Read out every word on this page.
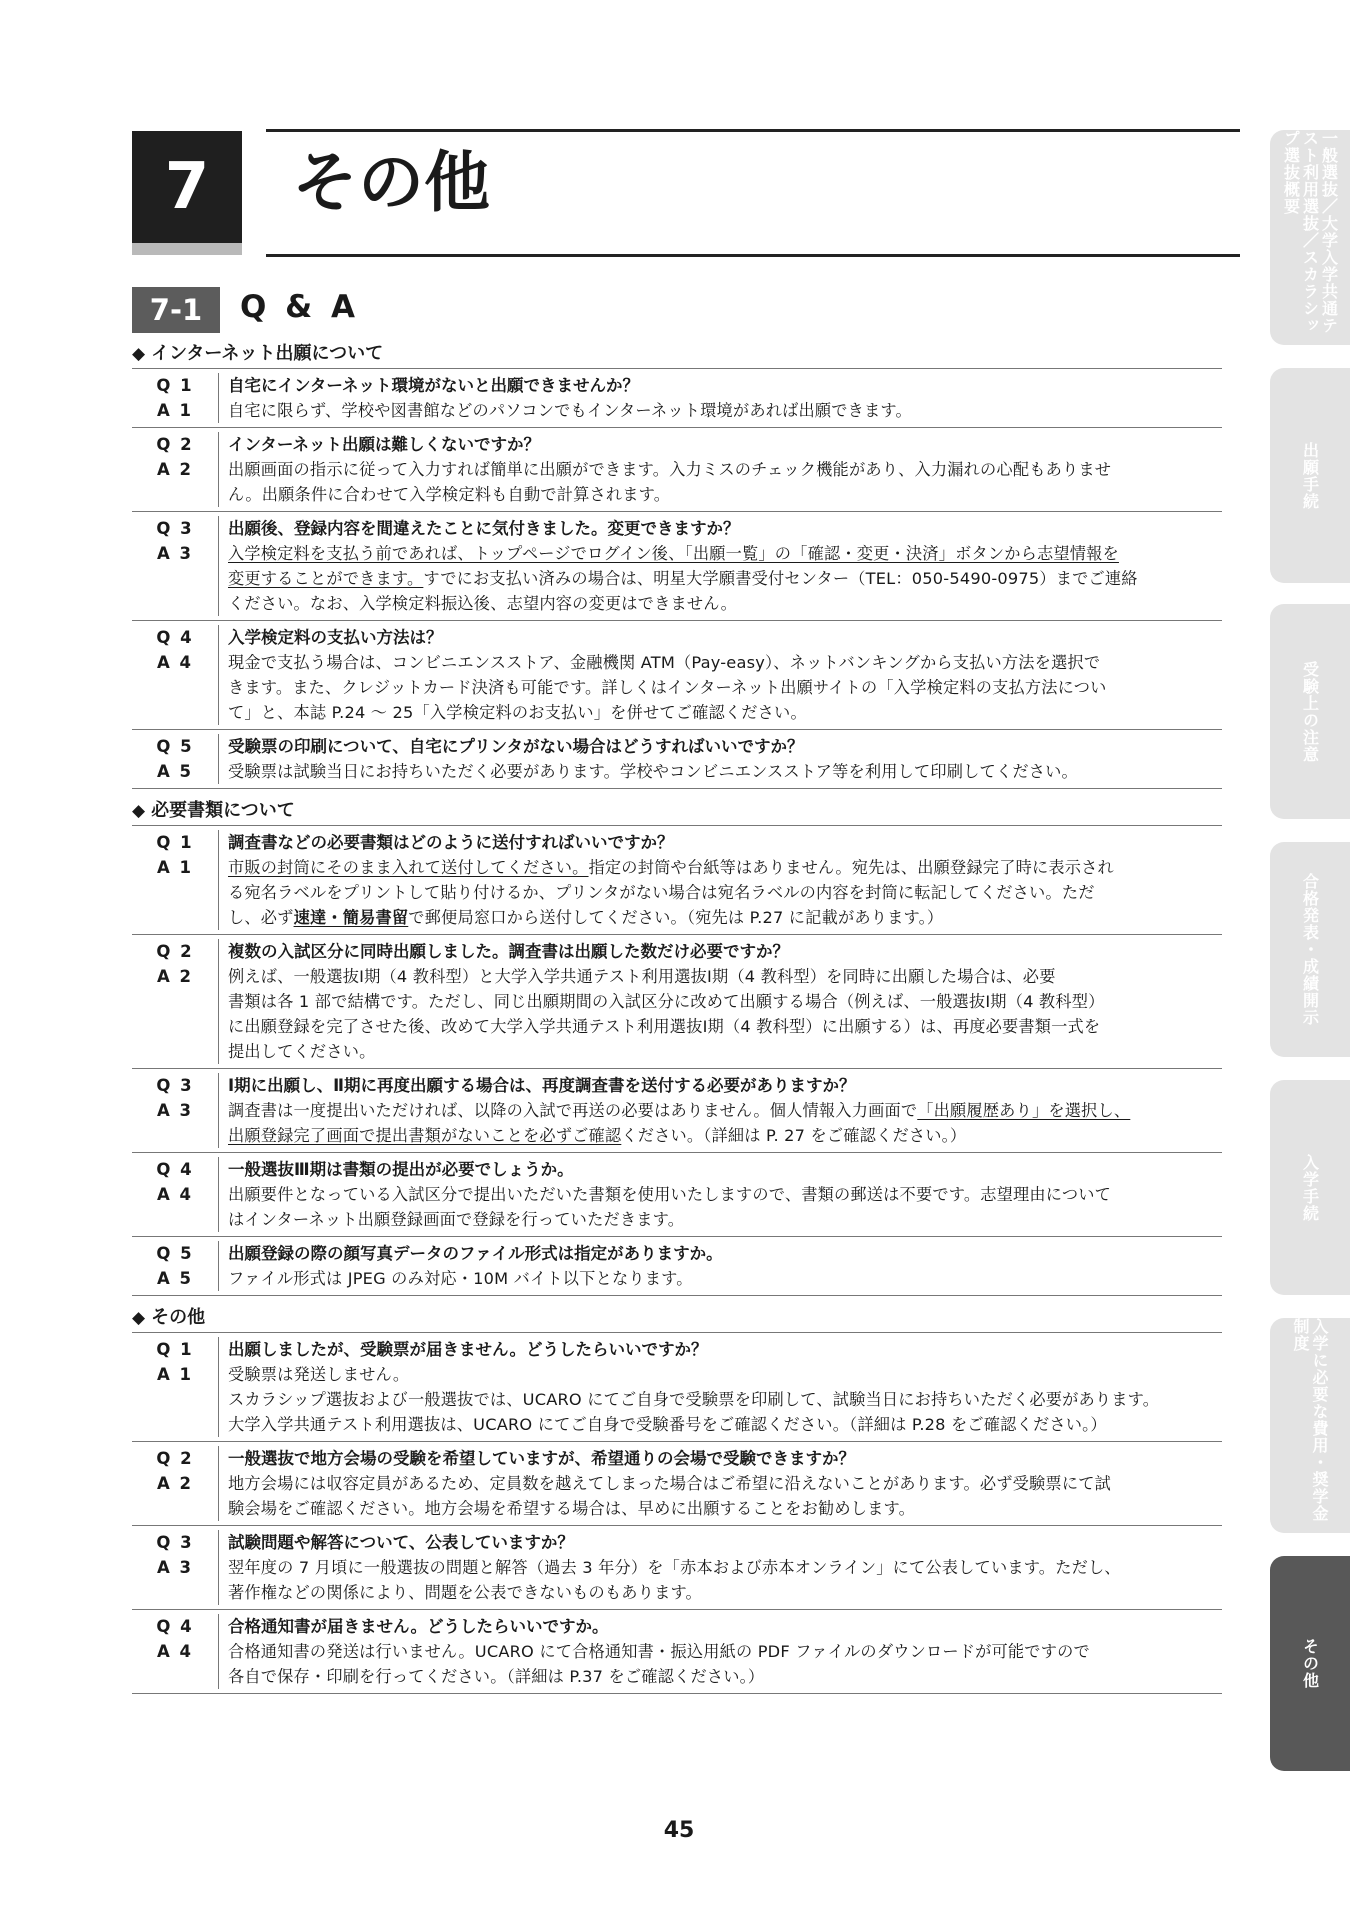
7 その他
7-1 Q & A
◆ インターネット出願について
Q 1
A 1
自宅にインターネット環境がないと出願できませんか？
自宅に限らず、学校や図書館などのパソコンでもインターネット環境があれば出願できます。
Q 2
A 2
インターネット出願は難しくないですか？
出願画面の指示に従って入力すれば簡単に出願ができます。入力ミスのチェック機能があり、入力漏れの心配もありませ
ん。出願条件に合わせて入学検定料も自動で計算されます。
Q 3
A 3
出願後、登録内容を間違えたことに気付きました。変更できますか？
入学検定料を支払う前であれば、トップページでログイン後、「出願一覧」の「確認・変更・決済」ボタンから志望情報を
変更することができます。すでにお支払い済みの場合は、明星大学願書受付センター（TEL：050-5490-0975）までご連絡
ください。なお、入学検定料振込後、志望内容の変更はできません。
Q 4
A 4
入学検定料の支払い方法は？
現金で支払う場合は、コンビニエンスストア、金融機関 ATM（Pay-easy）、ネットバンキングから支払い方法を選択で
きます。また、クレジットカード決済も可能です。詳しくはインターネット出願サイトの「入学検定料の支払方法につい
て」と、本誌 P.24 ～ 25「入学検定料のお支払い」を併せてご確認ください。
Q 5
A 5
受験票の印刷について、自宅にプリンタがない場合はどうすればいいですか？
受験票は試験当日にお持ちいただく必要があります。学校やコンビニエンスストア等を利用して印刷してください。
◆ 必要書類について
Q 1
A 1
調査書などの必要書類はどのように送付すればいいですか？
市販の封筒にそのまま入れて送付してください。指定の封筒や台紙等はありません。宛先は、出願登録完了時に表示され
る宛名ラベルをプリントして貼り付けるか、プリンタがない場合は宛名ラベルの内容を封筒に転記してください。ただ
し、必ず速達・簡易書留で郵便局窓口から送付してください。（宛先は P.27 に記載があります。）
Q 2
A 2
複数の入試区分に同時出願しました。調査書は出願した数だけ必要ですか？
例えば、一般選抜Ⅰ期（4 教科型）と大学入学共通テスト利用選抜Ⅰ期（4 教科型）を同時に出願した場合は、必要
書類は各 1 部で結構です。ただし、同じ出願期間の入試区分に改めて出願する場合（例えば、一般選抜Ⅰ期（4 教科型）
に出願登録を完了させた後、改めて大学入学共通テスト利用選抜Ⅰ期（4 教科型）に出願する）は、再度必要書類一式を
提出してください。
Q 3
A 3
Ⅰ期に出願し、Ⅱ期に再度出願する場合は、再度調査書を送付する必要がありますか？
調査書は一度提出いただければ、以降の入試で再送の必要はありません。個人情報入力画面で「出願履歴あり」を選択し、
出願登録完了画面で提出書類がないことを必ずご確認ください。（詳細は P. 27 をご確認ください。）
Q 4
A 4
一般選抜Ⅲ期は書類の提出が必要でしょうか。
出願要件となっている入試区分で提出いただいた書類を使用いたしますので、書類の郵送は不要です。志望理由について
はインターネット出願登録画面で登録を行っていただきます。
Q 5
A 5
出願登録の際の顔写真データのファイル形式は指定がありますか。
ファイル形式は JPEG のみ対応・10M バイト以下となります。
◆ その他
Q 1
A 1
出願しましたが、受験票が届きません。どうしたらいいですか？
受験票は発送しません。
スカラシップ選抜および一般選抜では、UCARO にてご自身で受験票を印刷して、試験当日にお持ちいただく必要があります。
大学入学共通テスト利用選抜は、UCARO にてご自身で受験番号をご確認ください。（詳細は P.28 をご確認ください。）
Q 2
A 2
一般選抜で地方会場の受験を希望していますが、希望通りの会場で受験できますか？
地方会場には収容定員があるため、定員数を越えてしまった場合はご希望に沿えないことがあります。必ず受験票にて試
験会場をご確認ください。地方会場を希望する場合は、早めに出願することをお勧めします。
Q 3
A 3
試験問題や解答について、公表していますか？
翌年度の 7 月頃に一般選抜の問題と解答（過去 3 年分）を「赤本および赤本オンライン」にて公表しています。ただし、
著作権などの関係により、問題を公表できないものもあります。
Q 4
A 4
合格通知書が届きません。どうしたらいいですか。
合格通知書の発送は行いません。UCARO にて合格通知書・振込用紙の PDF ファイルのダウンロードが可能ですので
各自で保存・印刷を行ってください。（詳細は P.37 をご確認ください。）
一般選抜／大学入学共通テスト利用選抜／スカラシップ選抜概要
出願手続
受験上の注意
合格発表・成績開示
入学手続
入学に必要な費用・奨学金制度
その他
45
